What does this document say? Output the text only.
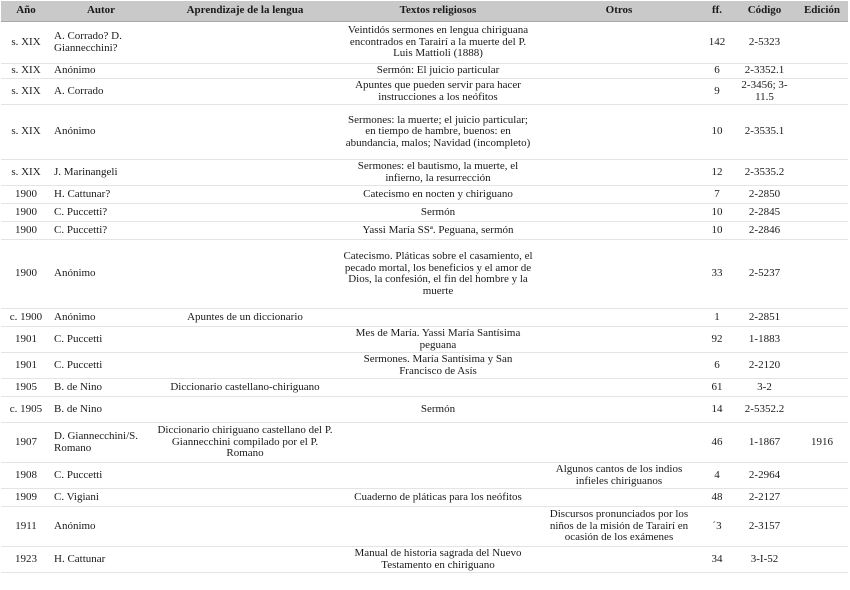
Año	Autor	Aprendizaje de la lengua	Textos religiosos	Otros	ff.	Código	Edición
s. XIX	A. Corrado? D. Giannecchini?		Veintidós sermones en lengua chiriguana encontrados en Tarairí a la muerte del P. Luis Mattioli (1888)		142	2-5323	
s. XIX	Anónimo		Sermón: El juicio particular		6	2-3352.1	
s. XIX	A. Corrado		Apuntes que pueden servir para hacer instrucciones a los neófitos		9	2-3456; 3-11.5	
s. XIX	Anónimo		Sermones: la muerte; el juicio particular; en tiempo de hambre, buenos: en abundancia, malos; Navidad (incompleto)		10	2-3535.1	
s. XIX	J. Marinangeli		Sermones: el bautismo, la muerte, el infierno, la resurrección		12	2-3535.2	
1900	H. Cattunar?		Catecismo en nocten y chiriguano		7	2-2850	
1900	C. Puccetti?		Sermón		10	2-2845	
1900	C. Puccetti?		Yassi María SSª. Peguana, sermón		10	2-2846	
1900	Anónimo		Catecismo. Pláticas sobre el casamiento, el pecado mortal, los beneficios y el amor de Dios, la confesión, el fin del hombre y la muerte		33	2-5237	
c. 1900	Anónimo	Apuntes de un diccionario			1	2-2851	
1901	C. Puccetti		Mes de María. Yassi María Santísima peguana		92	1-1883	
1901	C. Puccetti		Sermones. María Santísima y San Francisco de Asís		6	2-2120	
1905	B. de Nino	Diccionario castellano-chiriguano			61	3-2	
c. 1905	B. de Nino		Sermón		14	2-5352.2	
1907	D. Giannecchini/S. Romano	Diccionario chiriguano castellano del P. Giannecchini compilado por el P. Romano			46	1-1867	1916
1908	C. Puccetti			Algunos cantos de los indios infieles chiriguanos	4	2-2964	
1909	C. Vigiani		Cuaderno de pláticas para los neófitos		48	2-2127	
1911	Anónimo			Discursos pronunciados por los niños de la misión de Tarairí en ocasión de los exámenes	´3	2-3157	
1923	H. Cattunar		Manual de historia sagrada del Nuevo Testamento en chiriguano		34	3-I-52	
